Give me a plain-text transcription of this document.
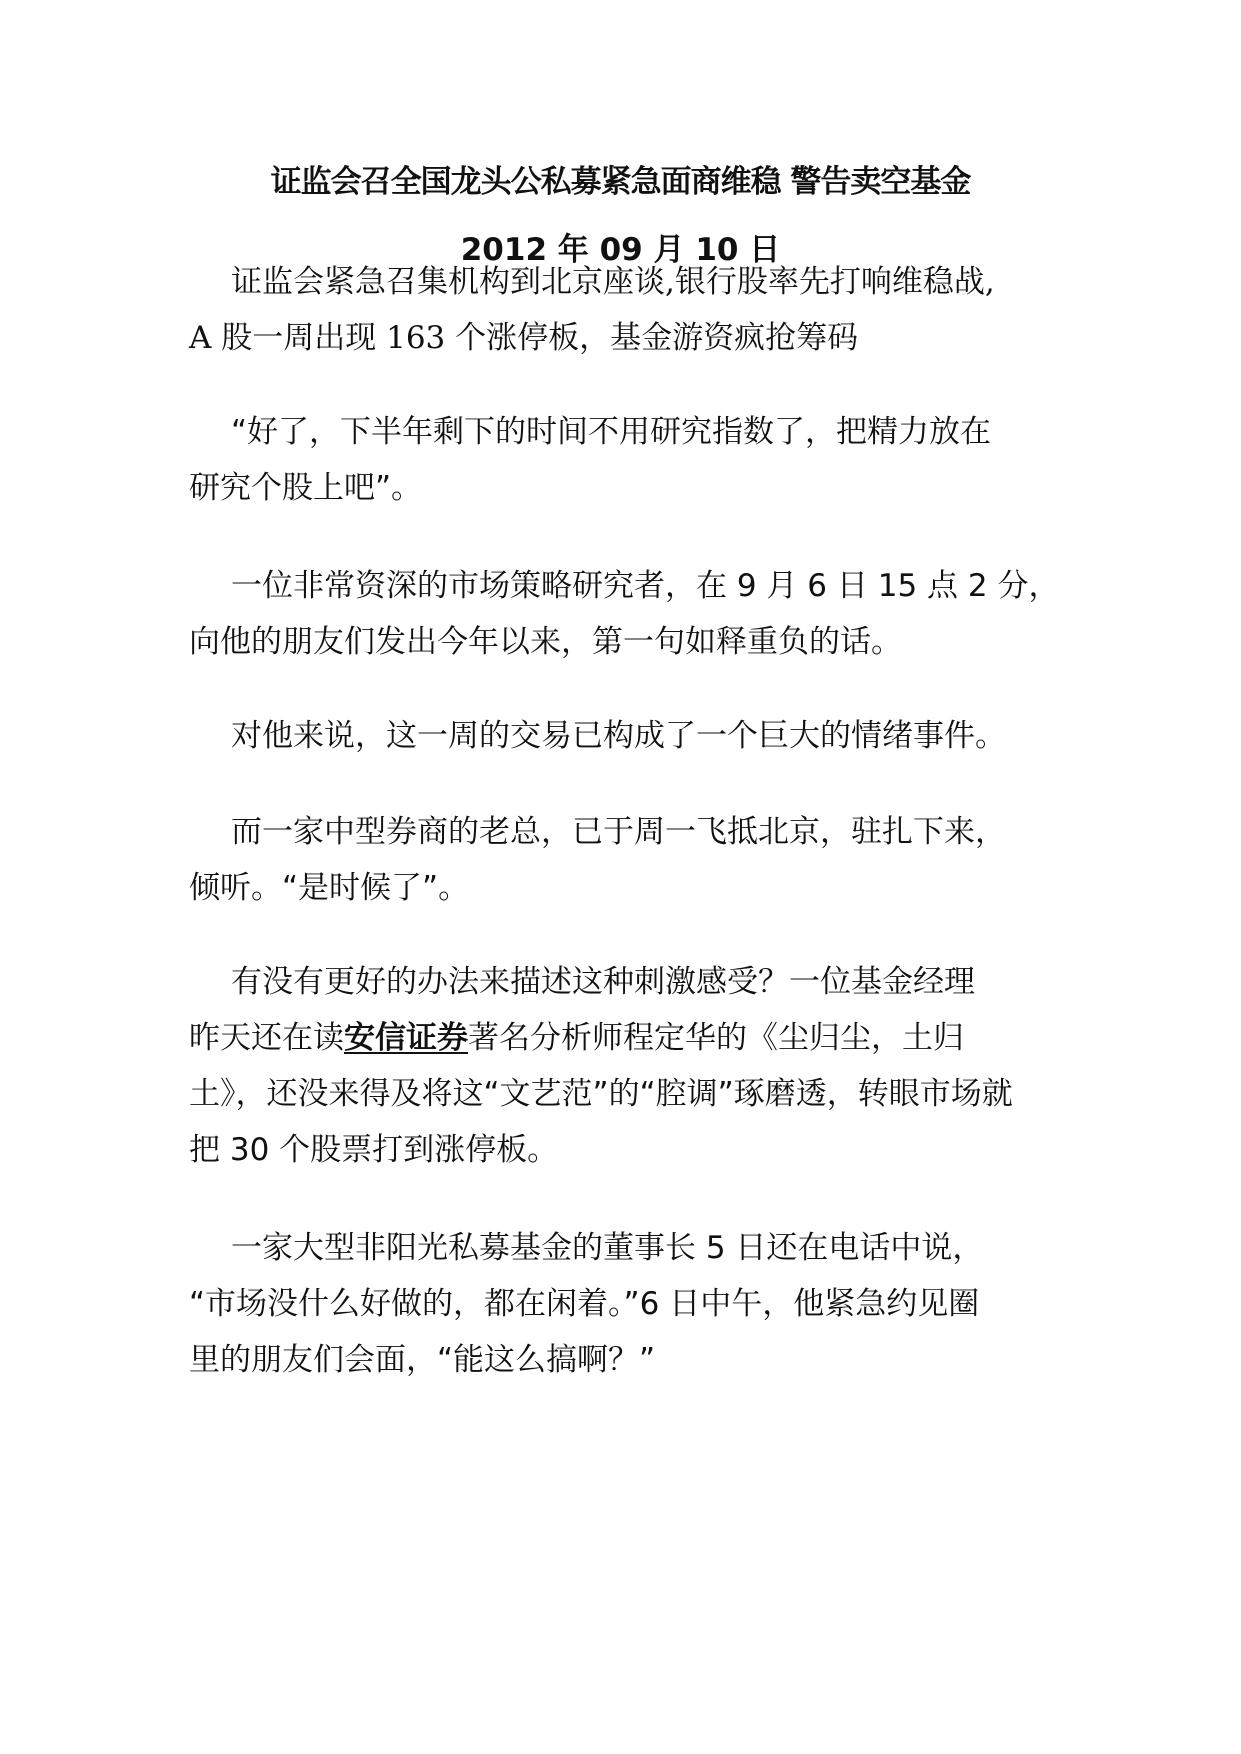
证监会召全国龙头公私募紧急面商维稳 警告卖空基金
2012 年 09 月 10 日
证监会紧急召集机构到北京座谈,银行股率先打响维稳战,
A 股一周出现 163 个涨停板，基金游资疯抢筹码
“好了，下半年剩下的时间不用研究指数了，把精力放在
研究个股上吧”。
一位非常资深的市场策略研究者，在 9 月 6 日 15 点 2 分，
向他的朋友们发出今年以来，第一句如释重负的话。
对他来说，这一周的交易已构成了一个巨大的情绪事件。
而一家中型券商的老总，已于周一飞抵北京，驻扎下来，
倾听。“是时候了”。
有没有更好的办法来描述这种刺激感受？一位基金经理
昨天还在读安信证券著名分析师程定华的《尘归尘，土归
土》，还没来得及将这“文艺范”的“腔调”琢磨透，转眼市场就
把 30 个股票打到涨停板。
一家大型非阳光私募基金的董事长 5 日还在电话中说，
“市场没什么好做的，都在闲着。”6 日中午，他紧急约见圈
里的朋友们会面，“能这么搞啊？”
